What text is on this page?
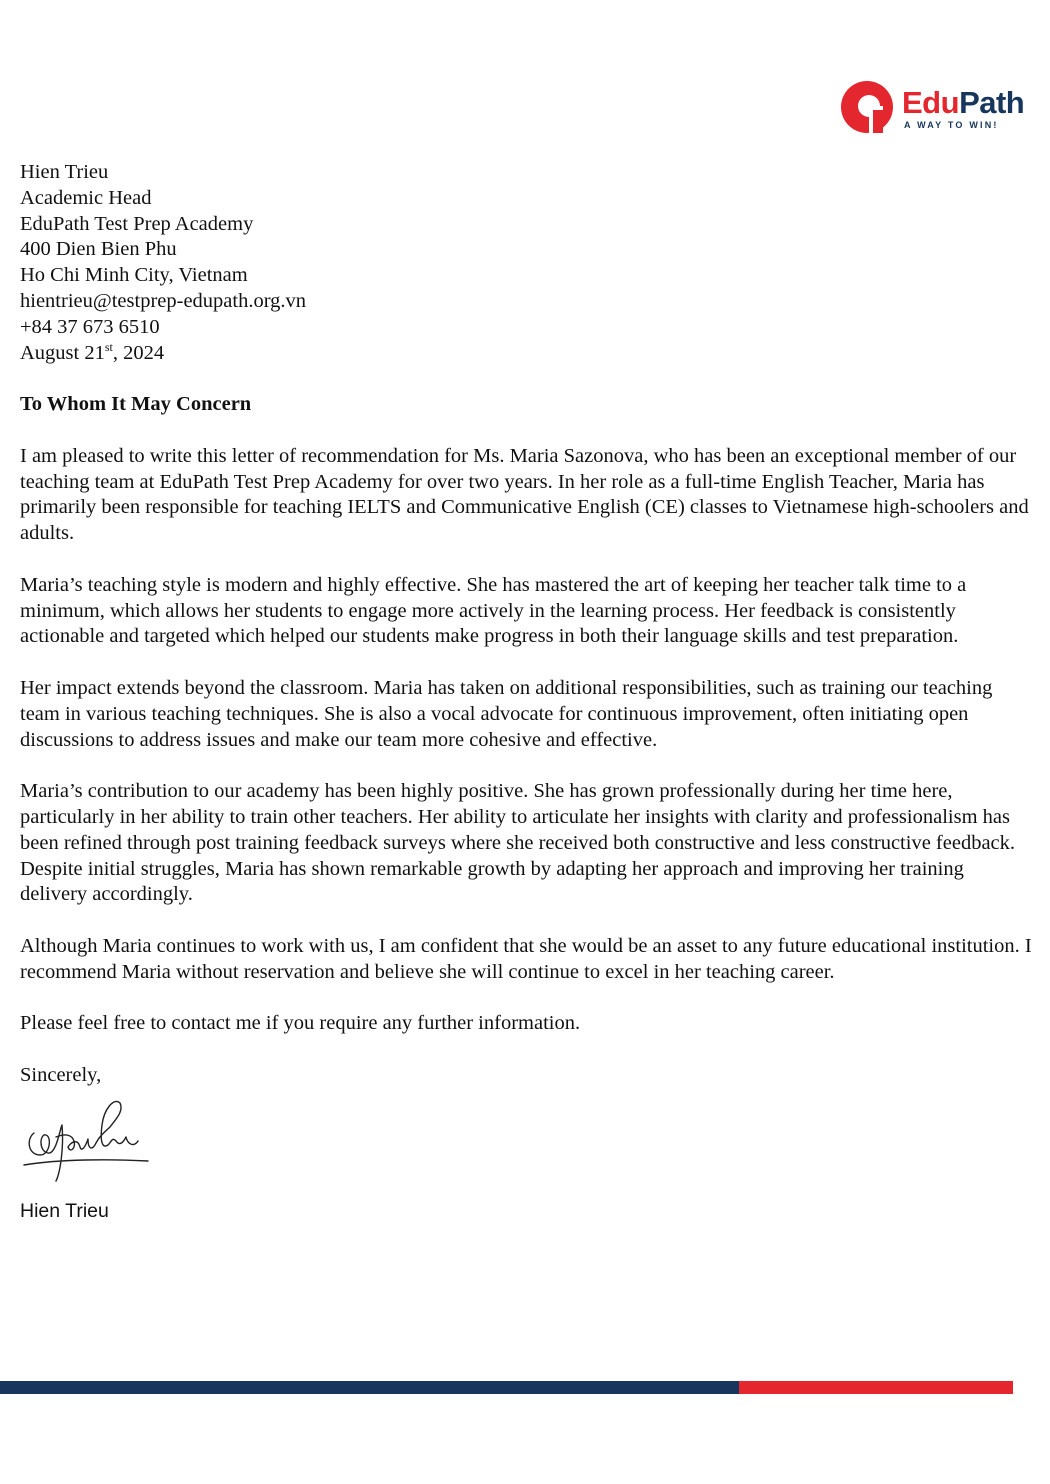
EduPath
A WAY TO WIN!
Hien Trieu
Academic Head
EduPath Test Prep Academy
400 Dien Bien Phu
Ho Chi Minh City, Vietnam
hientrieu@testprep-edupath.org.vn
+84 37 673 6510
August 21st, 2024
To Whom It May Concern

I am pleased to write this letter of recommendation for Ms. Maria Sazonova, who has been an exceptional member of our teaching team at EduPath Test Prep Academy for over two years. In her role as a full-time English Teacher, Maria has primarily been responsible for teaching IELTS and Communicative English (CE) classes to Vietnamese high-schoolers and adults.

Maria’s teaching style is modern and highly effective. She has mastered the art of keeping her teacher talk time to a minimum, which allows her students to engage more actively in the learning process. Her feedback is consistently actionable and targeted which helped our students make progress in both their language skills and test preparation.

Her impact extends beyond the classroom. Maria has taken on additional responsibilities, such as training our teaching team in various teaching techniques. She is also a vocal advocate for continuous improvement, often initiating open discussions to address issues and make our team more cohesive and effective.

Maria’s contribution to our academy has been highly positive. She has grown professionally during her time here, particularly in her ability to train other teachers. Her ability to articulate her insights with clarity and professionalism has been refined through post training feedback surveys where she received both constructive and less constructive feedback. Despite initial struggles, Maria has shown remarkable growth by adapting her approach and improving her training delivery accordingly.

Although Maria continues to work with us, I am confident that she would be an asset to any future educational institution. I recommend Maria without reservation and believe she will continue to excel in her teaching career.

Please feel free to contact me if you require any further information.

Sincerely,
Hien Trieu
